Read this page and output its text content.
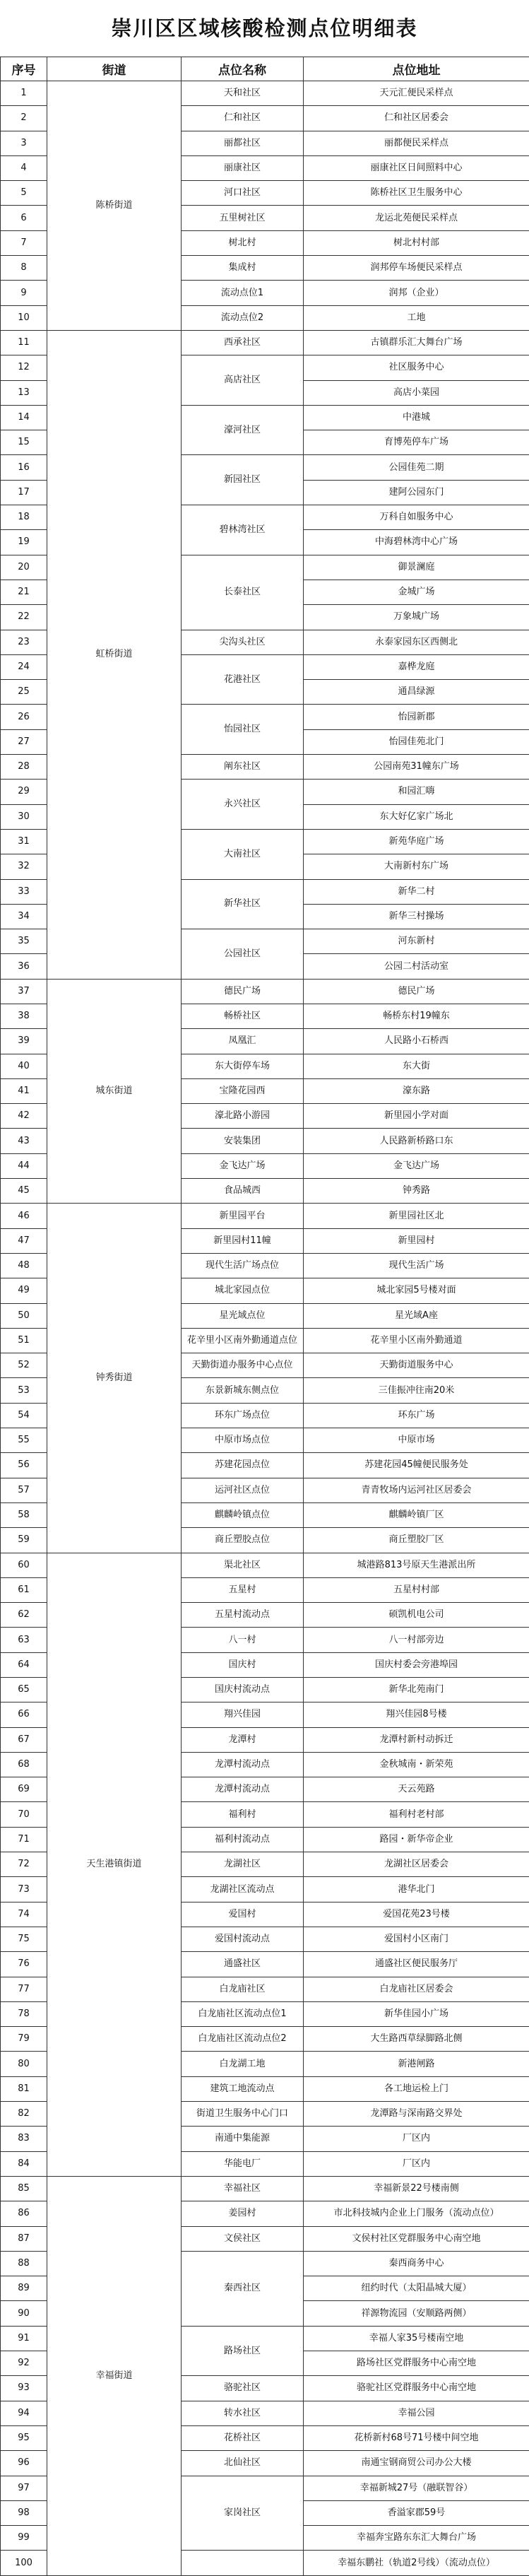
崇川区区域核酸检测点位明细表
序号	街道	点位名称	点位地址
1	陈桥街道	天和社区	天元汇便民采样点
2		仁和社区	仁和社区居委会
3		丽都社区	丽都便民采样点
4		丽康社区	丽康社区日间照料中心
5		河口社区	陈桥社区卫生服务中心
6		五里树社区	龙运北苑便民采样点
7		树北村	树北村村部
8		集成村	润邦停车场便民采样点
9		流动点位1	润邦（企业）
10		流动点位2	工地
11	虹桥街道	西承社区	古镇群乐汇大舞台广场
12		高店社区	社区服务中心
13			高店小菜园
14		濠河社区	中港城
15			育博苑停车广场
16		新园社区	公园佳苑二期
17			建阿公园东门
18		碧林湾社区	万科自如服务中心
19			中海碧林湾中心广场
20		长泰社区	御景澜庭
21			金城广场
22			万象城广场
23		尖沟头社区	永泰家园东区西侧北
24		花港社区	嘉桦龙庭
25			通昌绿源
26		怡园社区	怡园新郡
27			怡园佳苑北门
28		阐东社区	公园南苑31幢东广场
29		永兴社区	和园汇嗨
30			东大好亿家广场北
31		大南社区	新苑华庭广场
32			大南新村东广场
33		新华社区	新华二村
34			新华三村操场
35		公园社区	河东新村
36			公园二村活动室
37	城东街道	德民广场	德民广场
38		畅桥社区	畅桥东村19幢东
39		凤凰汇	人民路小石桥西
40		东大街停车场	东大街
41		宝隆花园西	濠东路
42		濠北路小游园	新里园小学对面
43		安装集团	人民路新桥路口东
44		金飞达广场	金飞达广场
45		食品城西	钟秀路
46	钟秀街道	新里园平台	新里园社区北
47		新里园村11幢	新里园村
48		现代生活广场点位	现代生活广场
49		城北家园点位	城北家园5号楼对面
50		星光域点位	星光域A座
51		花辛里小区南外勤通道点位	花辛里小区南外勤通道
52		天勤街道办服务中心点位	天勤街道服务中心
53		东景新城东侧点位	三佳振冲往南20米
54		环东广场点位	环东广场
55		中原市场点位	中原市场
56		苏建花园点位	苏建花园45幢便民服务处
57		运河社区点位	青青牧场内运河社区居委会
58		麒麟岭镇点位	麒麟岭镇厂区
59		商丘塑胶点位	商丘塑胶厂区
60	天生港镇街道	渠北社区	城港路813号原天生港派出所
61		五星村	五星村村部
62		五星村流动点	硕凯机电公司
63		八一村	八一村部旁边
64		国庆村	国庆村委会旁港埠园
65		国庆村流动点	新华北苑南门
66		翔兴佳园	翔兴佳园8号楼
67		龙潭村	龙潭村新村动拆迁
68		龙潭村流动点	金秋城南・新荣苑
69		龙潭村流动点	天云苑路
70		福利村	福利村老村部
71		福利村流动点	路园・新华帝企业
72		龙湖社区	龙湖社区居委会
73		龙湖社区流动点	港华北门
74		爱国村	爱国花苑23号楼
75		爱国村流动点	爱国村小区南门
76		通盛社区	通盛社区便民服务厅
77		白龙庙社区	白龙庙社区居委会
78		白龙庙社区流动点位1	新华佳园小广场
79		白龙庙社区流动点位2	大生路西草绿脚路北侧
80		白龙湖工地	新港闸路
81		建筑工地流动点	各工地运检上门
82		街道卫生服务中心门口	龙潭路与深南路交界处
83		南通中集能源	厂区内
84		华能电厂	厂区内
85	幸福街道	幸福社区	幸福新景22号楼南侧
86		姜园村	市北科技城内企业上门服务（流动点位）
87		文侯社区	文侯村社区党群服务中心南空地
88		秦西社区	秦西商务中心
89			纽约时代（太阳晶城大厦）
90			祥源物流园（安顺路两侧）
91		路场社区	幸福人家35号楼南空地
92			路场社区党群服务中心南空地
93		骆驼社区	骆驼社区党群服务中心南空地
94		转水社区	幸福公园
95		花桥社区	花桥新村68号71号楼中间空地
96		北仙社区	南通宝钢商贸公司办公大楼
97		家岗社区	幸福新城27号（融联智谷）
98			香溢家郡59号
99			幸福奔宝路东东汇大舞台广场
100			幸福东鹏社（轨道2号线）（流动点位）
